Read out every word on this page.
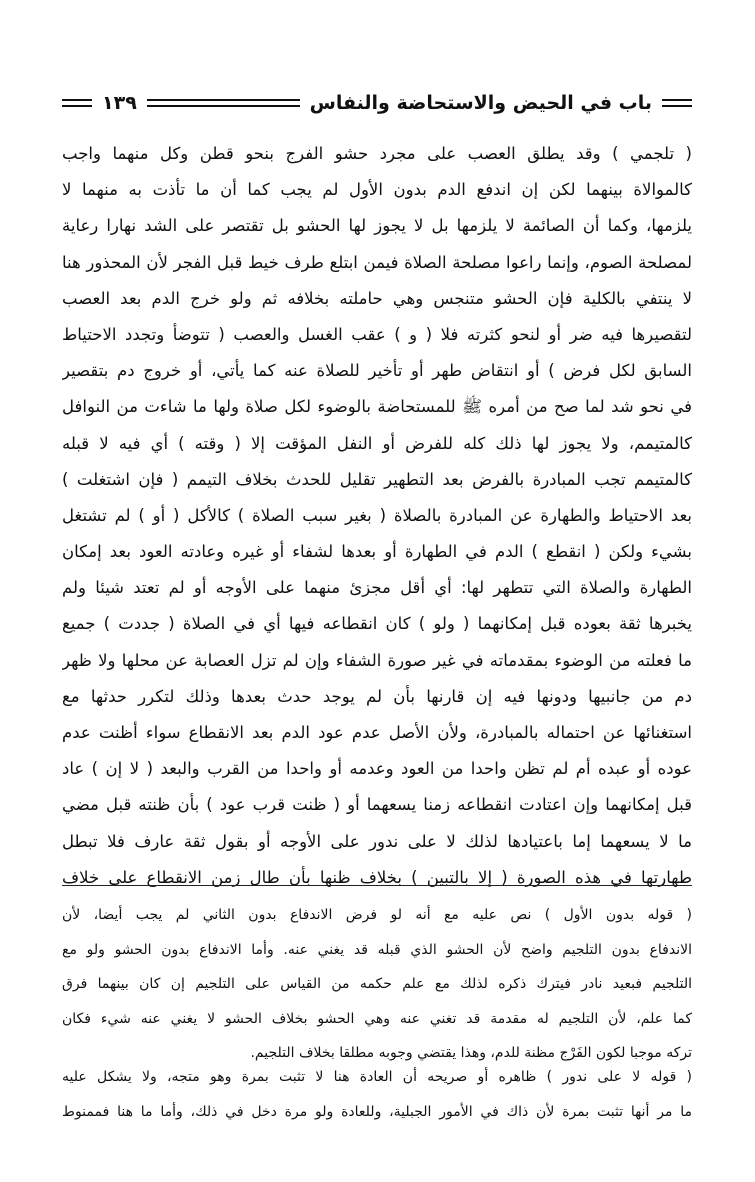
باب في الحيض والاستحاضة والنفاس
١٣٩
( تلجمي ) وقد يطلق العصب على مجرد حشو الفرج بنحو قطن وكل منهما واجب
كالموالاة بينهما لكن إن اندفع الدم بدون الأول لم يجب كما أن ما تأذت به منهما لا
يلزمها، وكما أن الصائمة لا يلزمها بل لا يجوز لها الحشو بل تقتصر على الشد نهارا رعاية
لمصلحة الصوم، وإنما راعوا مصلحة الصلاة فيمن ابتلع طرف خيط قبل الفجر لأن المحذور هنا
لا ينتفي بالكلية فإن الحشو متنجس وهي حاملته بخلافه ثم ولو خرج الدم بعد العصب
لتقصيرها فيه ضر أو لنحو كثرته فلا ( و ) عقب الغسل والعصب ( تتوضأ وتجدد الاحتياط
السابق لكل فرض ) أو انتقاض طهر أو تأخير للصلاة عنه كما يأتي، أو خروج دم بتقصير
في نحو شد لما صح من أمره ﷺ للمستحاضة بالوضوء لكل صلاة ولها ما شاءت من النوافل
كالمتيمم، ولا يجوز لها ذلك كله للفرض أو النفل المؤقت إلا ( وقته ) أي فيه لا قبله
كالمتيمم تجب المبادرة بالفرض بعد التطهير تقليل للحدث بخلاف التيمم ( فإن اشتغلت )
بعد الاحتياط والطهارة عن المبادرة بالصلاة ( بغير سبب الصلاة ) كالأكل ( أو ) لم تشتغل
بشيء ولكن ( انقطع ) الدم في الطهارة أو بعدها لشفاء أو غيره وعادته العود بعد إمكان
الطهارة والصلاة التي تتطهر لها: أي أقل مجزئ منهما على الأوجه أو لم تعتد شيئا ولم
يخبرها ثقة بعوده قبل إمكانهما ( ولو ) كان انقطاعه فيها أي في الصلاة ( جددت ) جميع
ما فعلته من الوضوء بمقدماته في غير صورة الشفاء وإن لم تزل العصابة عن محلها ولا ظهر
دم من جانبيها ودونها فيه إن قارنها بأن لم يوجد حدث بعدها وذلك لتكرر حدثها مع
استغنائها عن احتماله بالمبادرة، ولأن الأصل عدم عود الدم بعد الانقطاع سواء أظنت عدم
عوده أو عبده أم لم تظن واحدا من العود وعدمه أو واحدا من القرب والبعد ( لا إن ) عاد
قبل إمكانهما وإن اعتادت انقطاعه زمنا يسعهما أو ( ظنت قرب عود ) بأن ظنته قبل مضي
ما لا يسعهما إما باعتيادها لذلك لا على ندور على الأوجه أو بقول ثقة عارف فلا تبطل
طهارتها في هذه الصورة ( إلا بالتبين ) بخلاف ظنها بأن طال زمن الانقطاع على خلاف
( قوله بدون الأول ) نص عليه مع أنه لو فرض الاندفاع بدون الثاني لم يجب أيضا، لأن
الاندفاع بدون التلجيم واضح لأن الحشو الذي قبله قد يغني عنه. وأما الاندفاع بدون الحشو ولو مع
التلجيم فبعيد نادر فيترك ذكره لذلك مع علم حكمه من القياس على التلجيم إن كان بينهما فرق
كما علم، لأن التلجيم له مقدمة قد تغني عنه وهي الحشو بخلاف الحشو لا يغني عنه شيء فكان
تركه موجبا لكون الفَرْج مظنة للدم، وهذا يقتضي وجوبه مطلقا بخلاف التلجيم.
( قوله لا على ندور ) ظاهره أو صريحه أن العادة هنا لا تثبت بمرة وهو متجه، ولا يشكل عليه
ما مر أنها تثبت بمرة لأن ذاك في الأمور الجبلية، وللعادة ولو مرة دخل في ذلك، وأما ما هنا فممنوط
